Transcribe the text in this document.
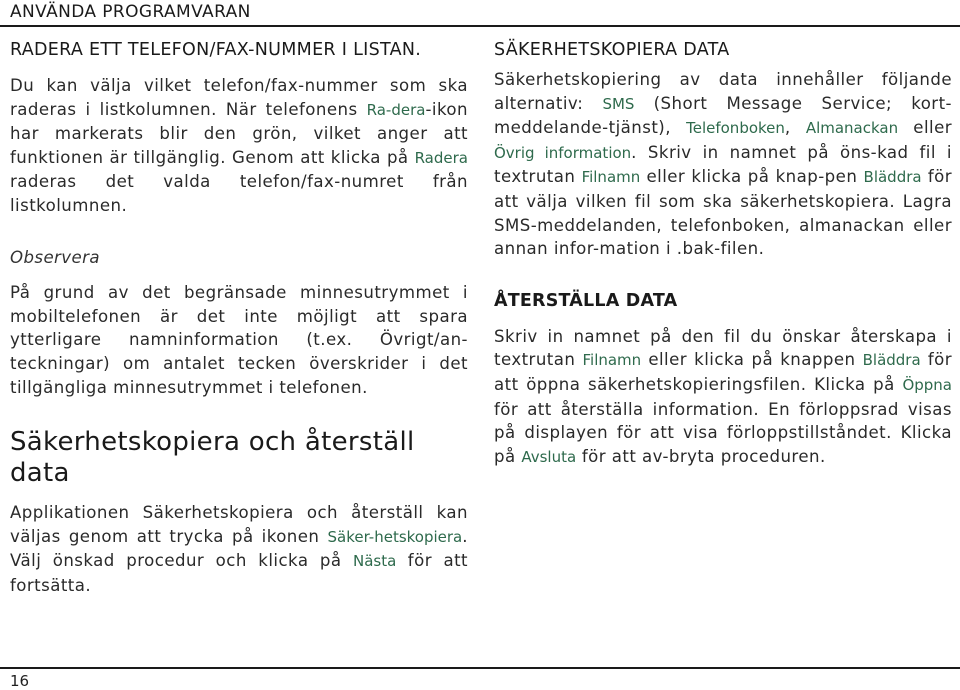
ANVÄNDA PROGRAMVARAN
RADERA ETT TELEFON/FAX-NUMMER I LISTAN.

Du kan välja vilket telefon/fax-nummer som ska raderas i listkolumnen. När telefonens Ra-dera-ikon har markerats blir den grön, vilket anger att funktionen är tillgänglig. Genom att klicka på Radera raderas det valda telefon/fax-numret från listkolumnen.

Observera

På grund av det begränsade minnesutrymmet i mobiltelefonen är det inte möjligt att spara ytterligare namninformation (t.ex. Övrigt/an-teckningar) om antalet tecken överskrider i det tillgängliga minnesutrymmet i telefonen.

Säkerhetskopiera och återställ data

Applikationen Säkerhetskopiera och återställ kan väljas genom att trycka på ikonen Säker-hetskopiera. Välj önskad procedur och klicka på Nästa för att fortsätta.

SÄKERHETSKOPIERA DATA

Säkerhetskopiering av data innehåller följande alternativ: SMS (Short Message Service; kort-meddelande-tjänst), Telefonboken, Almanackan eller Övrig information. Skriv in namnet på öns-kad fil i textrutan Filnamn eller klicka på knap-pen Bläddra för att välja vilken fil som ska säkerhetskopiera. Lagra SMS-meddelanden, telefonboken, almanackan eller annan infor-mation i .bak-filen.

ÅTERSTÄLLA DATA

Skriv in namnet på den fil du önskar återskapa i textrutan Filnamn eller klicka på knappen Bläddra för att öppna säkerhetskopieringsfilen. Klicka på Öppna för att återställa information. En förloppsrad visas på displayen för att visa förloppstillståndet. Klicka på Avsluta för att av-bryta proceduren.

16
